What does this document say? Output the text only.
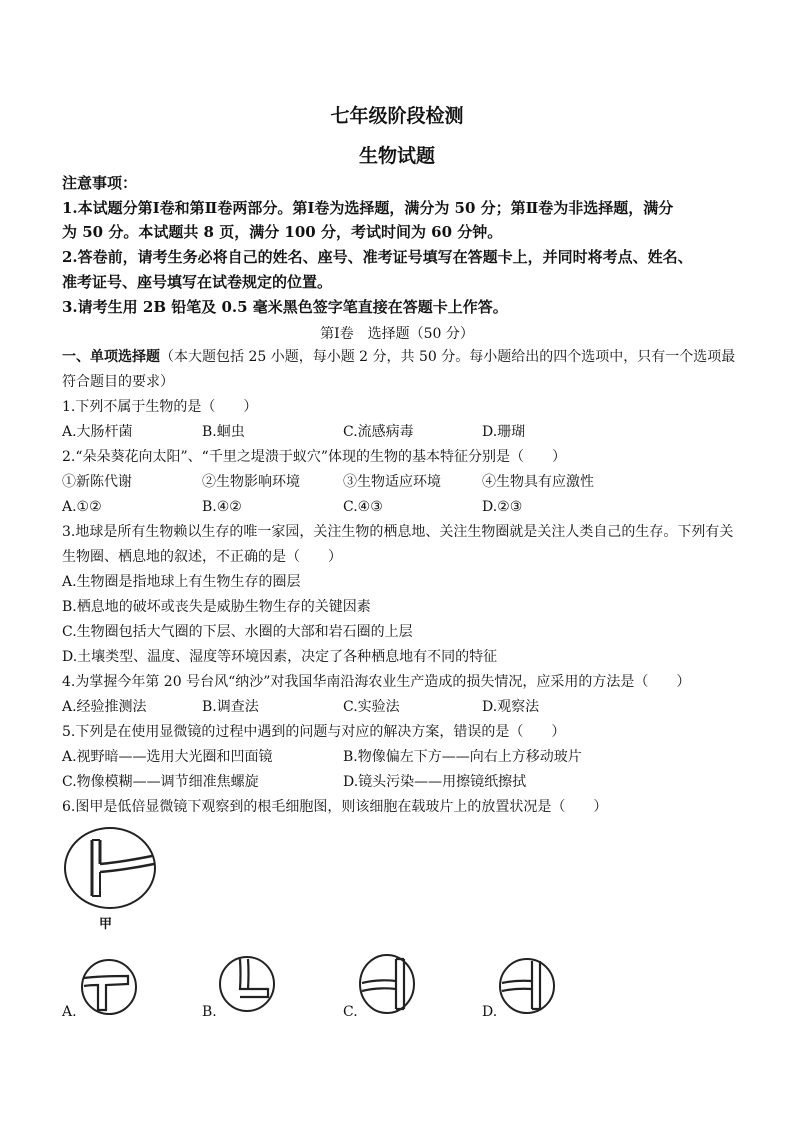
七年级阶段检测
生物试题
注意事项：
1.本试题分第Ⅰ卷和第Ⅱ卷两部分。第Ⅰ卷为选择题，满分为 50 分；第Ⅱ卷为非选择题，满分
为 50 分。本试题共 8 页，满分 100 分，考试时间为 60 分钟。
2.答卷前，请考生务必将自己的姓名、座号、准考证号填写在答题卡上，并同时将考点、姓名、
准考证号、座号填写在试卷规定的位置。
3.请考生用 2B 铅笔及 0.5 毫米黑色签字笔直接在答题卡上作答。
第Ⅰ卷　选择题（50 分）
一、单项选择题（本大题包括 25 小题，每小题 2 分，共 50 分。每小题给出的四个选项中，只有一个选项最
符合题目的要求）
1.下列不属于生物的是（　　）
A.大肠杆菌	B.蛔虫	C.流感病毒	D.珊瑚
2.“朵朵葵花向太阳”、“千里之堤溃于蚁穴”体现的生物的基本特征分别是（　　）
①新陈代谢	②生物影响环境	③生物适应环境	④生物具有应激性
A.①②	B.④②	C.④③	D.②③
3.地球是所有生物赖以生存的唯一家园，关注生物的栖息地、关注生物圈就是关注人类自己的生存。下列有关
生物圈、栖息地的叙述，不正确的是（　　）
A.生物圈是指地球上有生物生存的圈层
B.栖息地的破坏或丧失是威胁生物生存的关键因素
C.生物圈包括大气圈的下层、水圈的大部和岩石圈的上层
D.土壤类型、温度、湿度等环境因素，决定了各种栖息地有不同的特征
4.为掌握今年第 20 号台风“纳沙”对我国华南沿海农业生产造成的损失情况，应采用的方法是（　　）
A.经验推测法	B.调查法	C.实验法	D.观察法
5.下列是在使用显微镜的过程中遇到的问题与对应的解决方案，错误的是（　　）
A.视野暗——选用大光圈和凹面镜	B.物像偏左下方——向右上方移动玻片
C.物像模糊——调节细准焦螺旋	D.镜头污染——用擦镜纸擦拭
6.图甲是低倍显微镜下观察到的根毛细胞图，则该细胞在载玻片上的放置状况是（　　）
甲
A.	B.	C.	D.
